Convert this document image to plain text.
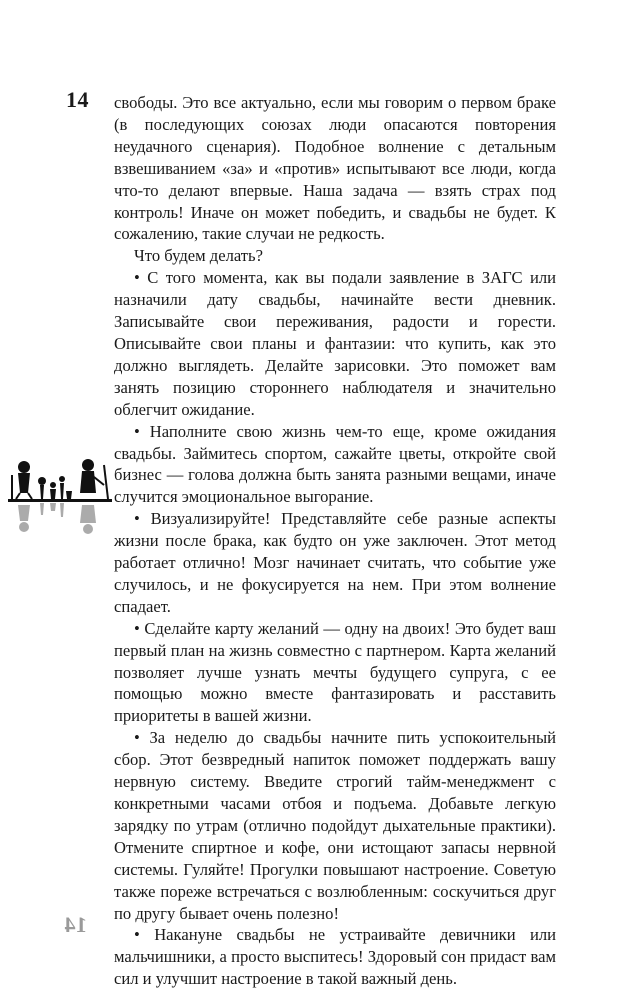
14 свободы. Это все актуально, если мы говорим о первом браке (в последующих союзах люди опасаются повторения неудачного сценария). Подобное волнение с детальным взвешиванием «за» и «против» испытывают все люди, когда что-то делают впервые. Наша задача — взять страх под контроль! Иначе он может победить, и свадьбы не будет. К сожалению, такие случаи не редкость.

Что будем делать?

• С того момента, как вы подали заявление в ЗАГС или назначили дату свадьбы, начинайте вести дневник. Записывайте свои переживания, радости и горести. Описывайте свои планы и фантазии: что купить, как это должно выглядеть. Делайте зарисовки. Это поможет вам занять позицию стороннего наблюдателя и значительно облегчит ожидание.

• Наполните свою жизнь чем-то еще, кроме ожидания свадьбы. Займитесь спортом, сажайте цветы, откройте свой бизнес — голова должна быть занята разными вещами, иначе случится эмоциональное выгорание.

• Визуализируйте! Представляйте себе разные аспекты жизни после брака, как будто он уже заключен. Этот метод работает отлично! Мозг начинает считать, что событие уже случилось, и не фокусируется на нем. При этом волнение спадает.

• Сделайте карту желаний — одну на двоих! Это будет ваш первый план на жизнь совместно с партнером. Карта желаний позволяет лучше узнать мечты будущего супруга, с ее помощью можно вместе фантазировать и расставить приоритеты в вашей жизни.

• За неделю до свадьбы начните пить успокоительный сбор. Этот безвредный напиток поможет поддержать вашу нервную систему. Введите строгий тайм-менеджмент с конкретными часами отбоя и подъема. Добавьте легкую зарядку по утрам (отлично подойдут дыхательные практики). Отмените спиртное и кофе, они истощают запасы нервной системы. Гуляйте! Прогулки повышают настроение. Советую также пореже встречаться с возлюбленным: соскучиться друг по другу бывает очень полезно!

• Накануне свадьбы не устраивайте девичники или мальчишники, а просто выспитесь! Здоровый сон придаст вам сил и улучшит настроение в такой важный день.

14
